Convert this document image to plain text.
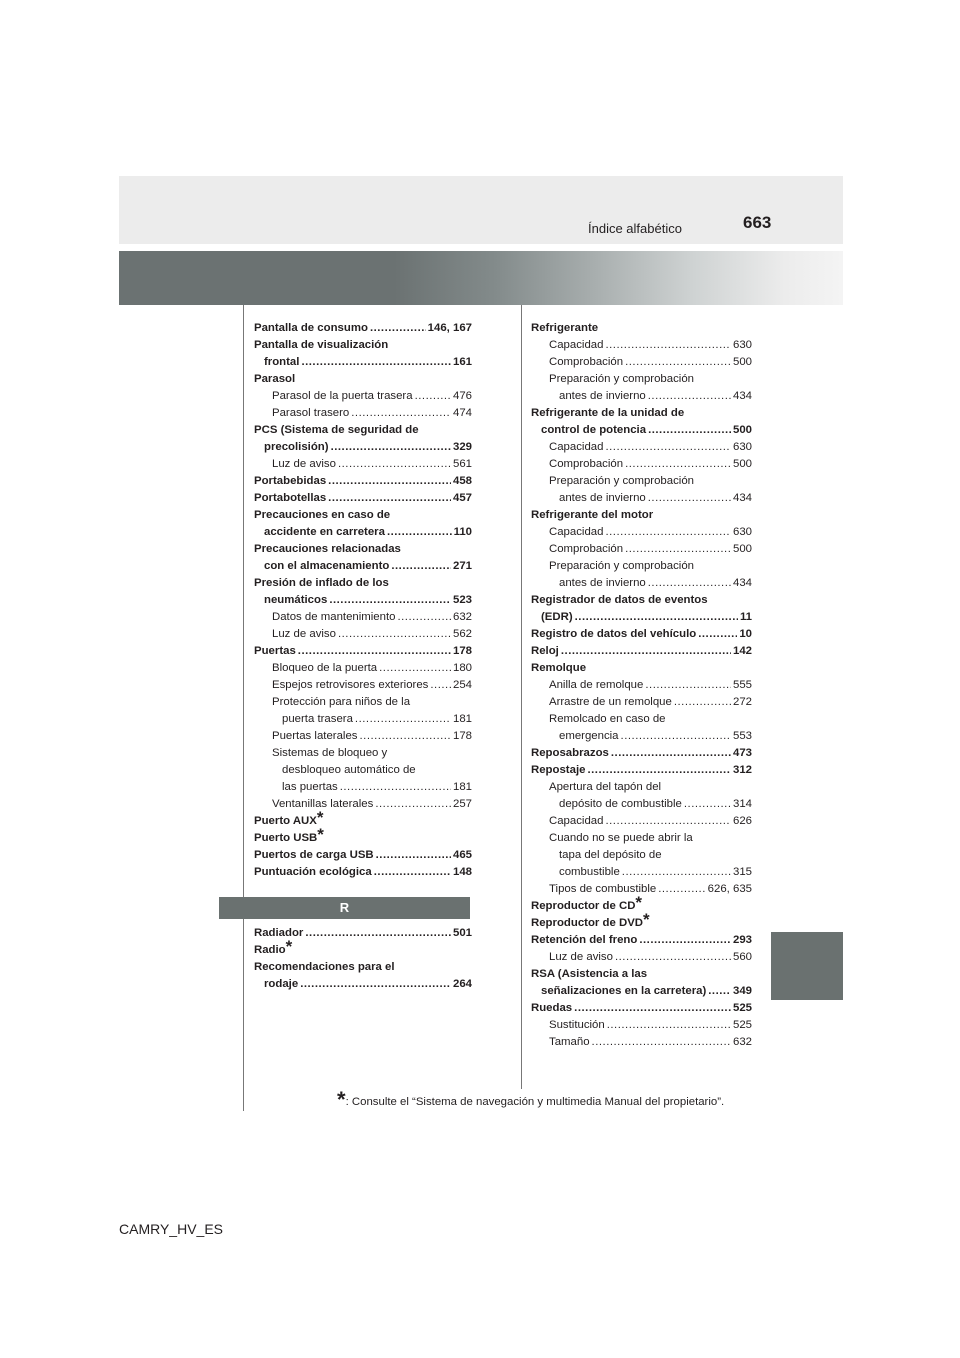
663
Índice alfabético
Pantalla de consumo .....	146, 167
Pantalla de visualización
frontal .....	161
Parasol
Parasol de la puerta trasera .....	476
Parasol trasero .....	474
PCS (Sistema de seguridad de
precolisión) .....	329
Luz de aviso .....	561
Portabebidas .....	458
Portabotellas .....	457
Precauciones en caso de
accidente en carretera .....	110
Precauciones relacionadas
con el almacenamiento .....	271
Presión de inflado de los
neumáticos .....	523
Datos de mantenimiento .....	632
Luz de aviso .....	562
Puertas .....	178
Bloqueo de la puerta .....	180
Espejos retrovisores exteriores ..... 254
Protección para niños de la
puerta trasera .....	181
Puertas laterales .....	178
Sistemas de bloqueo y
desbloqueo automático de
las puertas .....	181
Ventanillas laterales .....	257
Puerto AUX*
Puerto USB*
Puertos de carga USB .....	465
Puntuación ecológica .....	148
R
Radiador .....	501
Radio*
Recomendaciones para el
rodaje .....	264
Refrigerante
Capacidad .....	630
Comprobación .....	500
Preparación y comprobación
antes de invierno .....	434
Refrigerante de la unidad de
control de potencia .....	500
Capacidad .....	630
Comprobación .....	500
Preparación y comprobación
antes de invierno .....	434
Refrigerante del motor
Capacidad .....	630
Comprobación .....	500
Preparación y comprobación
antes de invierno .....	434
Registrador de datos de eventos
(EDR) .....	11
Registro de datos del vehículo .....	10
Reloj .....	142
Remolque
Anilla de remolque .....	555
Arrastre de un remolque .....	272
Remolcado en caso de
emergencia .....	553
Reposabrazos .....	473
Repostaje .....	312
Apertura del tapón del
depósito de combustible .....	314
Capacidad .....	626
Cuando no se puede abrir la
tapa del depósito de
combustible .....	315
Tipos de combustible .....	626, 635
Reproductor de CD*
Reproductor de DVD*
Retención del freno .....	293
Luz de aviso .....	560
RSA (Asistencia a las
señalizaciones en la carretera) ..... 349
Ruedas .....	525
Sustitución .....	525
Tamaño .....	632
*: Consulte el “Sistema de navegación y multimedia Manual del propietario”.
CAMRY_HV_ES
